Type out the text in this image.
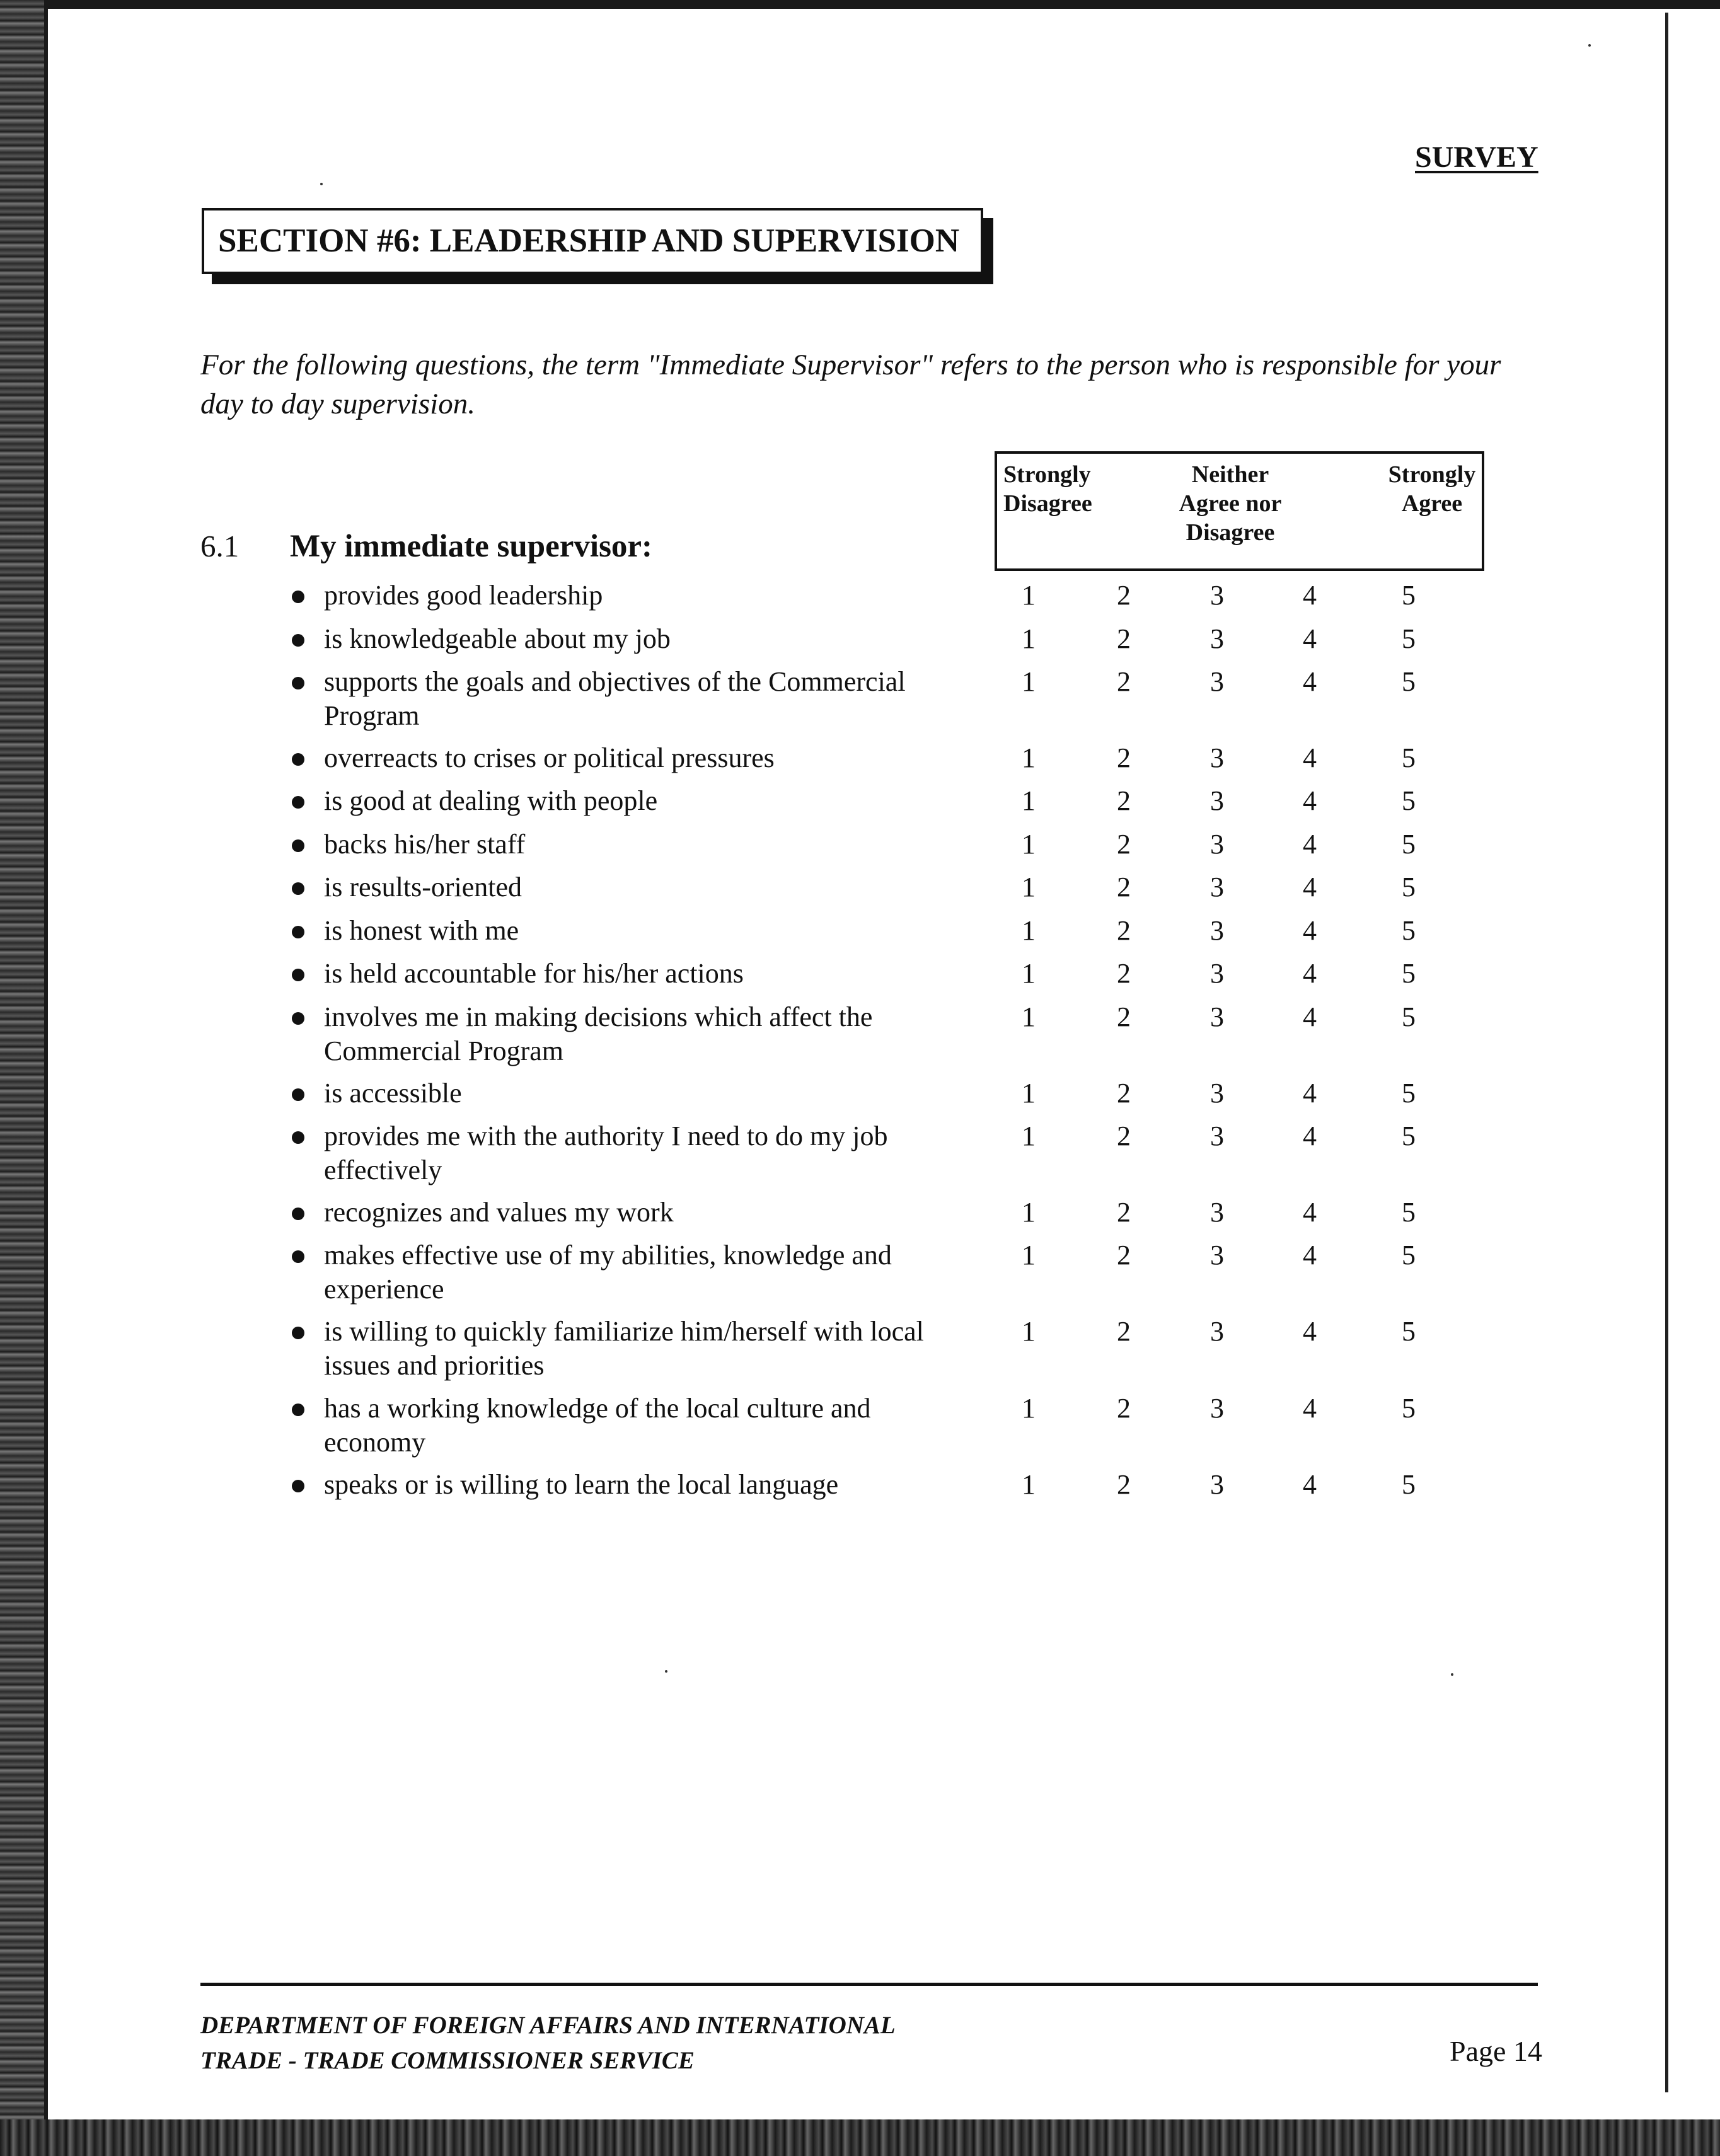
SURVEY
SECTION #6: LEADERSHIP AND SUPERVISION
For the following questions, the term "Immediate Supervisor" refers to the person who is responsible for your
day to day supervision.
Strongly
Disagree
Neither
Agree nor
Disagree
Strongly
Agree
6.1 My immediate supervisor:
provides good leadership	1	2	3	4	5
is knowledgeable about my job	1	2	3	4	5
supports the goals and objectives of the Commercial
Program
1	2	3	4	5
overreacts to crises or political pressures	1	2	3	4	5
is good at dealing with people	1	2	3	4	5
backs his/her staff	1	2	3	4	5
is results-oriented	1	2	3	4	5
is honest with me	1	2	3	4	5
is held accountable for his/her actions	1	2	3	4	5
involves me in making decisions which affect the
Commercial Program
1	2	3	4	5
is accessible	1	2	3	4	5
provides me with the authority I need to do my job
effectively
1	2	3	4	5
recognizes and values my work	1	2	3	4	5
makes effective use of my abilities, knowledge and
experience
1	2	3	4	5
is willing to quickly familiarize him/herself with local
issues and priorities
1	2	3	4	5
has a working knowledge of the local culture and
economy
1	2	3	4	5
speaks or is willing to learn the local language	1	2	3	4	5
DEPARTMENT OF FOREIGN AFFAIRS AND INTERNATIONAL
TRADE - TRADE COMMISSIONER SERVICE	Page 14
